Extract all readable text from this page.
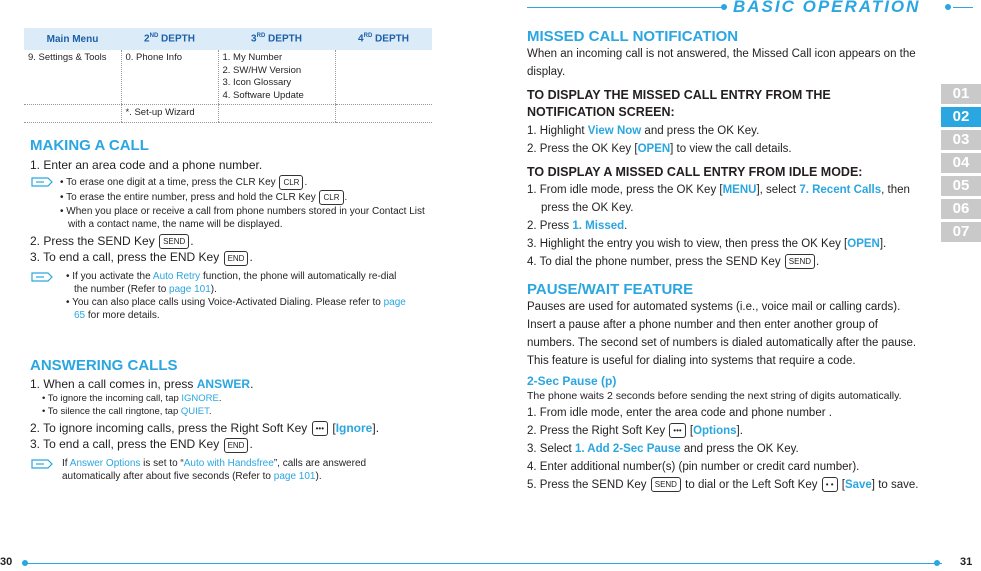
BASIC OPERATION
Main Menu	2ND DEPTH	3RD DEPTH	4RD DEPTH
9. Settings & Tools	0. Phone Info	1. My Number
2. SW/HW Version
3. Icon Glossary
4. Software Update	

	*. Set-up Wizard		
MAKING A CALL
1. Enter an area code and a phone number.
• To erase one digit at a time, press the CLR Key CLR .
• To erase the entire number, press and hold the CLR Key CLR .
• When you place or receive a call from phone numbers stored in your Contact List with a contact name, the name will be displayed.
2. Press the SEND Key SEND .
3. To end a call, press the END Key END .
• If you activate the Auto Retry function, the phone will automatically re-dial the number (Refer to page 101).
• You can also place calls using Voice-Activated Dialing. Please refer to page 65 for more details.
ANSWERING CALLS
1. When a call comes in, press ANSWER.
• To ignore the incoming call, tap IGNORE.
• To silence the call ringtone, tap QUIET.
2. To ignore incoming calls, press the Right Soft Key ••• [Ignore].
3. To end a call, press the END Key END .
If Answer Options is set to “Auto with Handsfree”, calls are answered automatically after about five seconds (Refer to page 101).
MISSED CALL NOTIFICATION
When an incoming call is not answered, the Missed Call icon appears on the display.
TO DISPLAY THE MISSED CALL ENTRY FROM THE NOTIFICATION SCREEN:
1. Highlight View Now and press the OK Key.
2. Press the OK Key [OPEN] to view the call details.
TO DISPLAY A MISSED CALL ENTRY FROM IDLE MODE:
1. From idle mode, press the OK Key [MENU], select 7. Recent Calls, then press the OK Key.
2. Press 1. Missed.
3. Highlight the entry you wish to view, then press the OK Key [OPEN].
4. To dial the phone number, press the SEND Key SEND .
PAUSE/WAIT FEATURE
Pauses are used for automated systems (i.e., voice mail or calling cards). Insert a pause after a phone number and then enter another group of numbers. The second set of numbers is dialed automatically after the pause. This feature is useful for dialing into systems that require a code.
2-Sec Pause (p)
The phone waits 2 seconds before sending the next string of digits automatically.
1. From idle mode, enter the area code and phone number .
2. Press the Right Soft Key ••• [Options].
3. Select 1. Add 2-Sec Pause and press the OK Key.
4. Enter additional number(s) (pin number or credit card number).
5. Press the SEND Key SEND to dial or the Left Soft Key • • [Save] to save.
01
02
03
04
05
06
07
30	31
